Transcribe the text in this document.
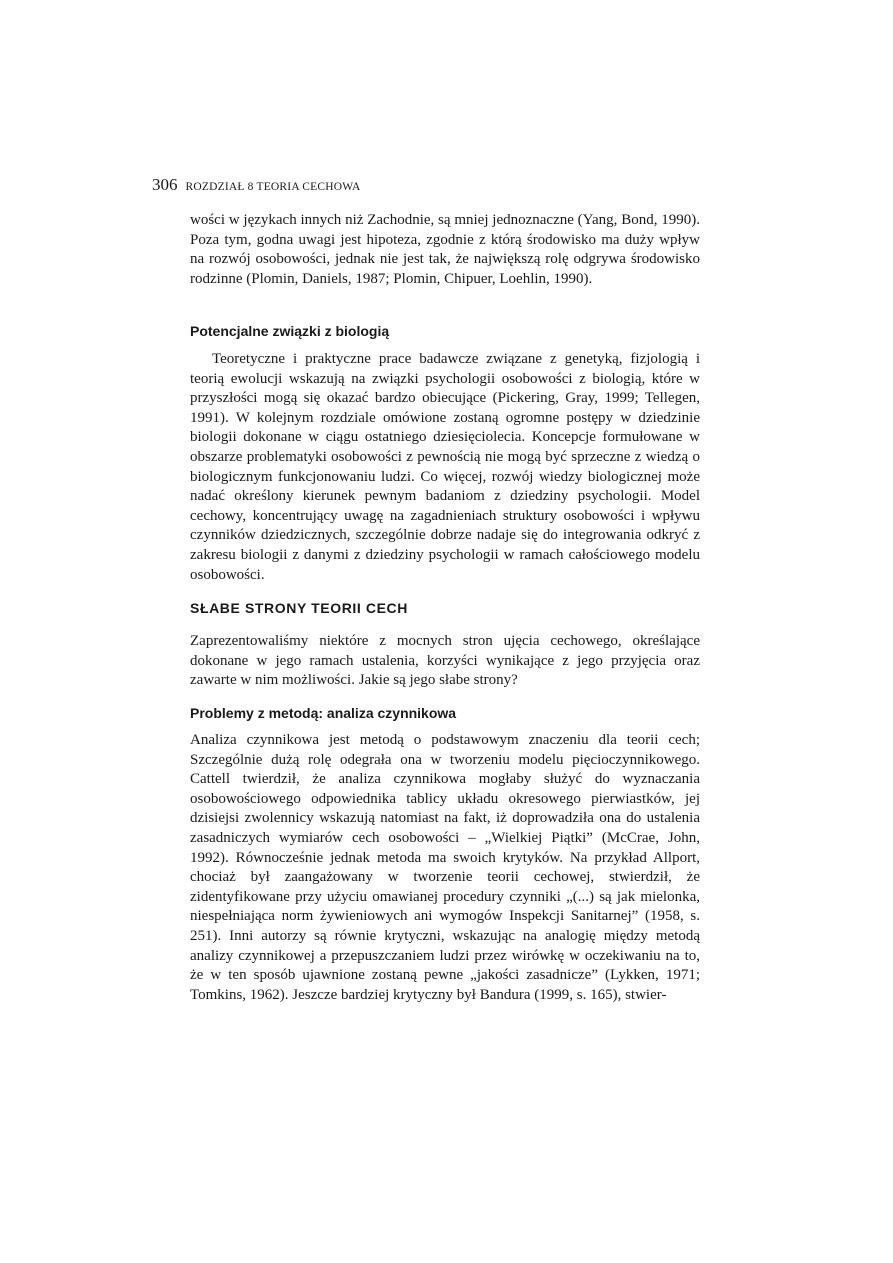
306 ROZDZIAŁ 8 TEORIA CECHOWA

wości w językach innych niż Zachodnie, są mniej jednoznaczne (Yang, Bond, 1990). Poza tym, godna uwagi jest hipoteza, zgodnie z którą środowisko ma duży wpływ na rozwój osobowości, jednak nie jest tak, że największą rolę odgrywa środowisko rodzinne (Plomin, Daniels, 1987; Plomin, Chipuer, Loehlin, 1990).

Potencjalne związki z biologią

Teoretyczne i praktyczne prace badawcze związane z genetyką, fizjologią i teorią ewolucji wskazują na związki psychologii osobowości z biologią, które w przyszłości mogą się okazać bardzo obiecujące (Pickering, Gray, 1999; Tellegen, 1991). W kolejnym rozdziale omówione zostaną ogromne postępy w dziedzinie biologii dokonane w ciągu ostatniego dziesięciolecia. Koncepcje formułowane w obszarze problematyki osobowości z pewnością nie mogą być sprzeczne z wiedzą o biologicznym funkcjonowaniu ludzi. Co więcej, rozwój wiedzy biologicznej może nadać określony kierunek pewnym badaniom z dziedziny psychologii. Model cechowy, koncentrujący uwagę na zagadnieniach struktury osobowości i wpływu czynników dziedzicznych, szczególnie dobrze nadaje się do integrowania odkryć z zakresu biologii z danymi z dziedziny psychologii w ramach całościowego modelu osobowości.

SŁABE STRONY TEORII CECH

Zaprezentowaliśmy niektóre z mocnych stron ujęcia cechowego, określające dokonane w jego ramach ustalenia, korzyści wynikające z jego przyjęcia oraz zawarte w nim możliwości. Jakie są jego słabe strony?

Problemy z metodą: analiza czynnikowa

Analiza czynnikowa jest metodą o podstawowym znaczeniu dla teorii cech; Szczególnie dużą rolę odegrała ona w tworzeniu modelu pięcioczynnikowego. Cattell twierdził, że analiza czynnikowa mogłaby służyć do wyznaczania osobowościowego odpowiednika tablicy układu okresowego pierwiastków, jej dzisiejsi zwolennicy wskazują natomiast na fakt, iż doprowadziła ona do ustalenia zasadniczych wymiarów cech osobowości – „Wielkiej Piątki” (McCrae, John, 1992). Równocześnie jednak metoda ma swoich krytyków. Na przykład Allport, chociaż był zaangażowany w tworzenie teorii cechowej, stwierdził, że zidentyfikowane przy użyciu omawianej procedury czynniki „(...) są jak mielonka, niespełniająca norm żywieniowych ani wymogów Inspekcji Sanitarnej” (1958, s. 251). Inni autorzy są równie krytyczni, wskazując na analogię między metodą analizy czynnikowej a przepuszczaniem ludzi przez wirówkę w oczekiwaniu na to, że w ten sposób ujawnione zostaną pewne „jakości zasadnicze” (Lykken, 1971; Tomkins, 1962). Jeszcze bardziej krytyczny był Bandura (1999, s. 165), stwier-
